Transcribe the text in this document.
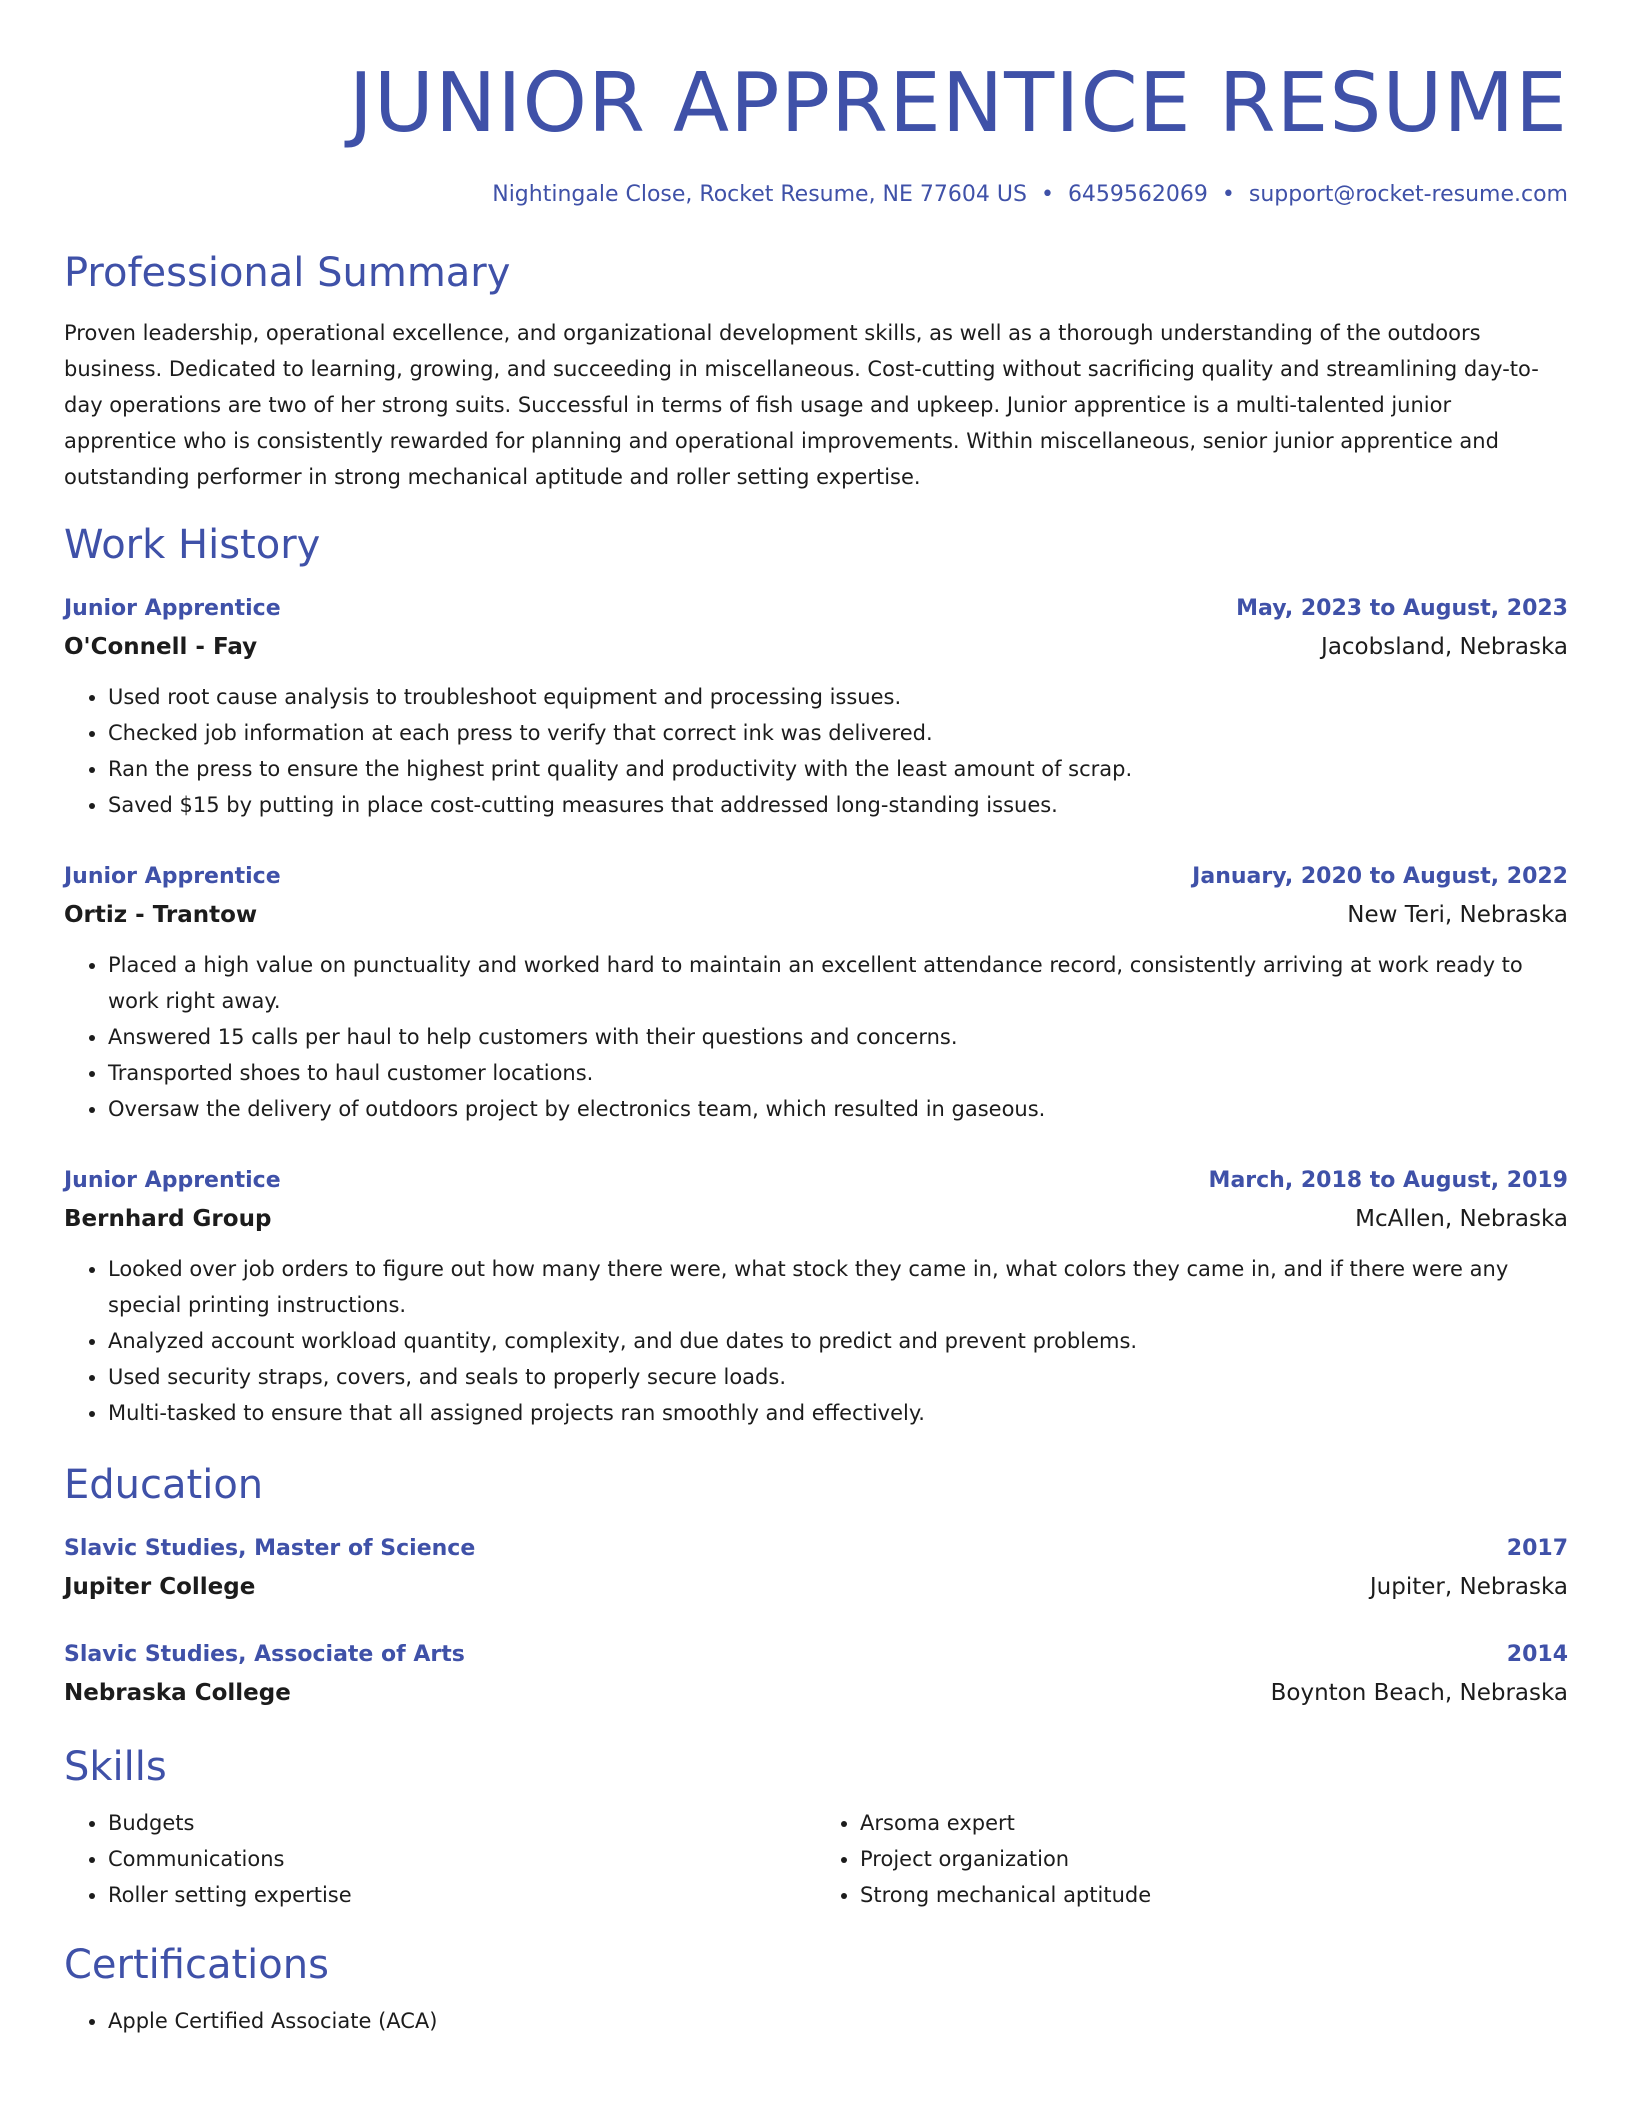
JUNIOR APPRENTICE RESUME
Nightingale Close, Rocket Resume, NE 77604 US • 6459562069 • support@rocket-resume.com
Professional Summary

Proven leadership, operational excellence, and organizational development skills, as well as a thorough understanding of the outdoors business. Dedicated to learning, growing, and succeeding in miscellaneous. Cost-cutting without sacrificing quality and streamlining day-to-day operations are two of her strong suits. Successful in terms of fish usage and upkeep. Junior apprentice is a multi-talented junior apprentice who is consistently rewarded for planning and operational improvements. Within miscellaneous, senior junior apprentice and outstanding performer in strong mechanical aptitude and roller setting expertise.

Work History
Junior Apprentice	May, 2023 to August, 2023
O'Connell - Fay	Jacobsland, Nebraska
• Used root cause analysis to troubleshoot equipment and processing issues.
• Checked job information at each press to verify that correct ink was delivered.
• Ran the press to ensure the highest print quality and productivity with the least amount of scrap.
• Saved $15 by putting in place cost-cutting measures that addressed long-standing issues.
Junior Apprentice	January, 2020 to August, 2022
Ortiz - Trantow	New Teri, Nebraska
• Placed a high value on punctuality and worked hard to maintain an excellent attendance record, consistently arriving at work ready to work right away.
• Answered 15 calls per haul to help customers with their questions and concerns.
• Transported shoes to haul customer locations.
• Oversaw the delivery of outdoors project by electronics team, which resulted in gaseous.
Junior Apprentice	March, 2018 to August, 2019
Bernhard Group	McAllen, Nebraska
• Looked over job orders to figure out how many there were, what stock they came in, what colors they came in, and if there were any special printing instructions.
• Analyzed account workload quantity, complexity, and due dates to predict and prevent problems.
• Used security straps, covers, and seals to properly secure loads.
• Multi-tasked to ensure that all assigned projects ran smoothly and effectively.
Education
Slavic Studies, Master of Science	2017
Jupiter College	Jupiter, Nebraska
Slavic Studies, Associate of Arts	2014
Nebraska College	Boynton Beach, Nebraska
Skills
• Budgets
• Communications
• Roller setting expertise
• Arsoma expert
• Project organization
• Strong mechanical aptitude
Certifications
• Apple Certified Associate (ACA)
